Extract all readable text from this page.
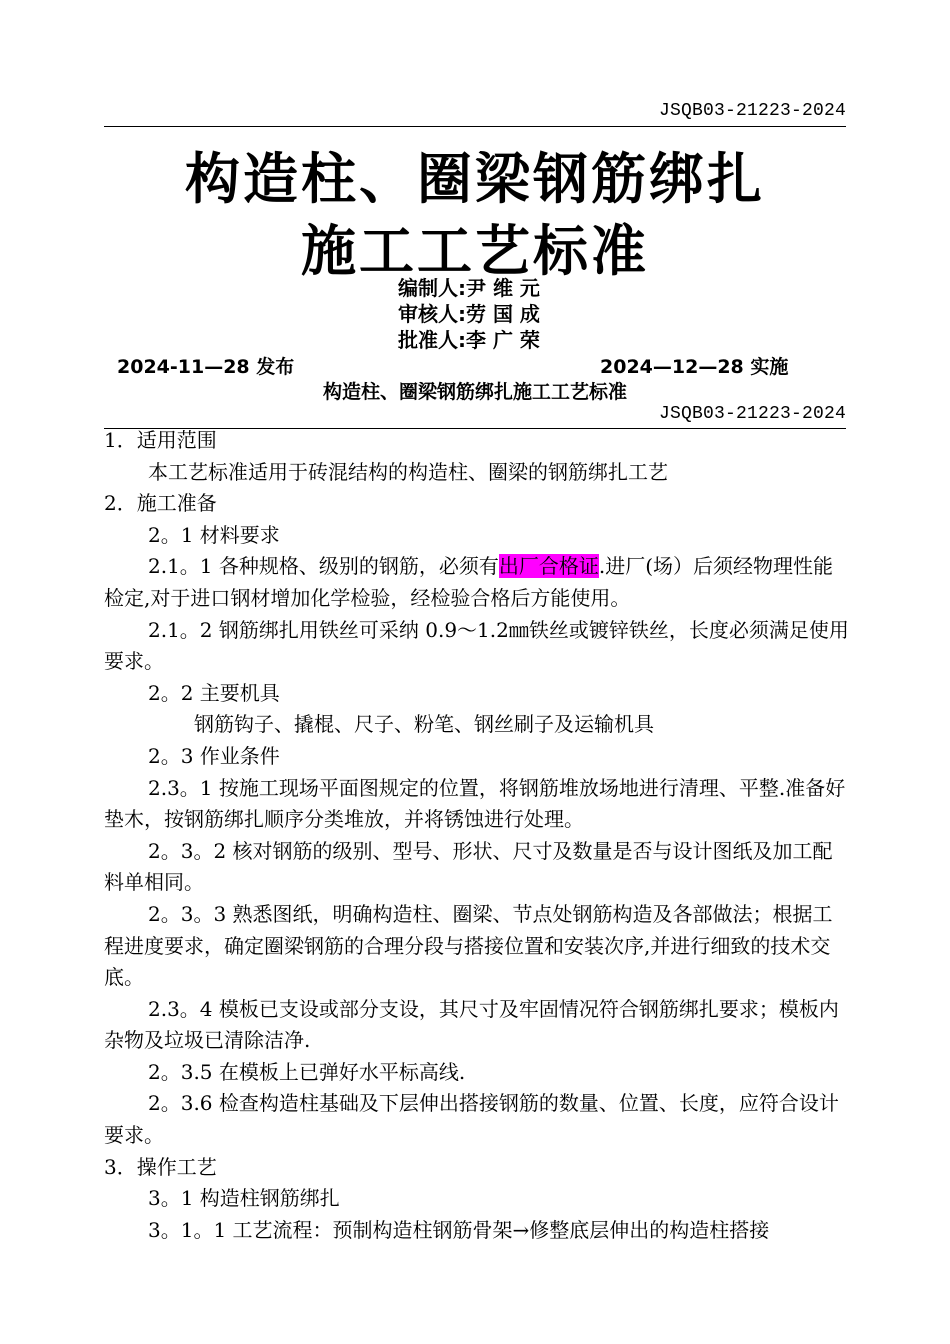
JSQB03-21223-2024
构造柱、圈梁钢筋绑扎
施工工艺标准
编制人:尹 维 元
审核人:劳 国 成
批准人:李 广 荣
2024-11—28 发布	2024—12—28 实施
构造柱、圈梁钢筋绑扎施工工艺标准
JSQB03-21223-2024

1．适用范围

本工艺标准适用于砖混结构的构造柱、圈梁的钢筋绑扎工艺

2．施工准备

2。1 材料要求

2.1。1 各种规格、级别的钢筋，必须有出厂合格证.进厂(场）后须经物理性能检定,对于进口钢材增加化学检验，经检验合格后方能使用。

2.1。2 钢筋绑扎用铁丝可采纳 0.9～1.2㎜铁丝或镀锌铁丝，长度必须满足使用要求。

2。2 主要机具

钢筋钩子、撬棍、尺子、粉笔、钢丝刷子及运输机具

2。3 作业条件

2.3。1 按施工现场平面图规定的位置，将钢筋堆放场地进行清理、平整.准备好垫木，按钢筋绑扎顺序分类堆放，并将锈蚀进行处理。

2。3。2 核对钢筋的级别、型号、形状、尺寸及数量是否与设计图纸及加工配料单相同。

2。3。3 熟悉图纸，明确构造柱、圈梁、节点处钢筋构造及各部做法；根据工程进度要求，确定圈梁钢筋的合理分段与搭接位置和安装次序,并进行细致的技术交底。

2.3。4 模板已支设或部分支设，其尺寸及牢固情况符合钢筋绑扎要求；模板内杂物及垃圾已清除洁净.

2。3.5 在模板上已弹好水平标高线.

2。3.6 检查构造柱基础及下层伸出搭接钢筋的数量、位置、长度，应符合设计要求。

3．操作工艺

3。1 构造柱钢筋绑扎

3。1。1 工艺流程：预制构造柱钢筋骨架→修整底层伸出的构造柱搭接
